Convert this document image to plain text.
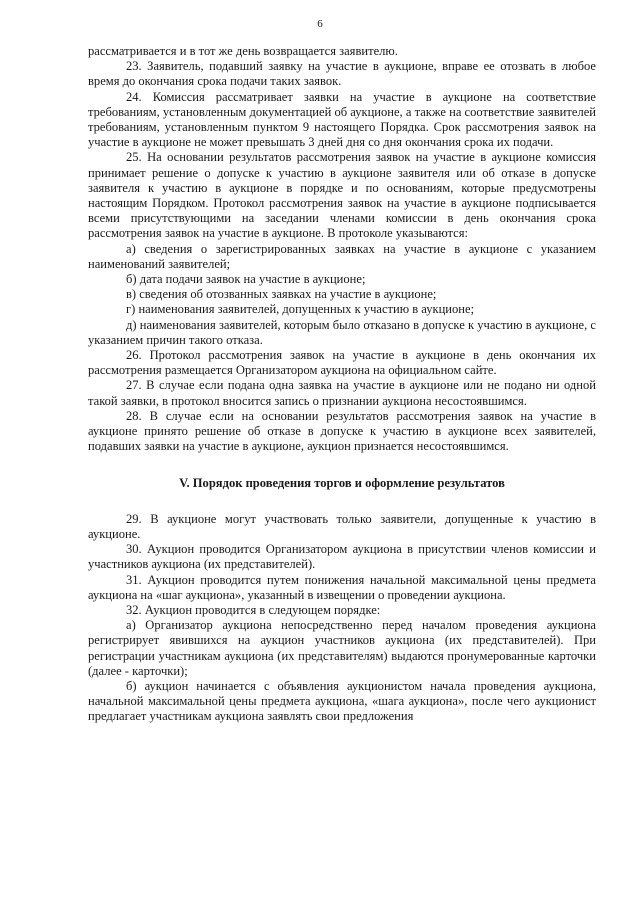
6

рассматривается и в тот же день возвращается заявителю.

23. Заявитель, подавший заявку на участие в аукционе, вправе ее отозвать в любое время до окончания срока подачи таких заявок.

24. Комиссия рассматривает заявки на участие в аукционе на соответствие требованиям, установленным документацией об аукционе, а также на соответствие заявителей требованиям, установленным пунктом 9 настоящего Порядка. Срок рассмотрения заявок на участие в аукционе не может превышать 3 дней дня со дня окончания срока их подачи.

25. На основании результатов рассмотрения заявок на участие в аукционе комиссия принимает решение о допуске к участию в аукционе заявителя или об отказе в допуске заявителя к участию в аукционе в порядке и по основаниям, которые предусмотрены настоящим Порядком. Протокол рассмотрения заявок на участие в аукционе подписывается всеми присутствующими на заседании членами комиссии в день окончания срока рассмотрения заявок на участие в аукционе. В протоколе указываются:

а) сведения о зарегистрированных заявках на участие в аукционе с указанием наименований заявителей;

б) дата подачи заявок на участие в аукционе;

в) сведения об отозванных заявках на участие в аукционе;

г) наименования заявителей, допущенных к участию в аукционе;

д) наименования заявителей, которым было отказано в допуске к участию в аукционе, с указанием причин такого отказа.

26. Протокол рассмотрения заявок на участие в аукционе в день окончания их рассмотрения размещается Организатором аукциона на официальном сайте.

27. В случае если подана одна заявка на участие в аукционе или не подано ни одной такой заявки, в протокол вносится запись о признании аукциона несостоявшимся.

28. В случае если на основании результатов рассмотрения заявок на участие в аукционе принято решение об отказе в допуске к участию в аукционе всех заявителей, подавших заявки на участие в аукционе, аукцион признается несостоявшимся.

V. Порядок проведения торгов и оформление результатов

29. В аукционе могут участвовать только заявители, допущенные к участию в аукционе.

30. Аукцион проводится Организатором аукциона в присутствии членов комиссии и участников аукциона (их представителей).

31. Аукцион проводится путем понижения начальной максимальной цены предмета аукциона на «шаг аукциона», указанный в извещении о проведении аукциона.

32. Аукцион проводится в следующем порядке:

а) Организатор аукциона непосредственно перед началом проведения аукциона регистрирует явившихся на аукцион участников аукциона (их представителей). При регистрации участникам аукциона (их представителям) выдаются пронумерованные карточки (далее - карточки);

б) аукцион начинается с объявления аукционистом начала проведения аукциона, начальной максимальной цены предмета аукциона, «шага аукциона», после чего аукционист предлагает участникам аукциона заявлять свои предложения
